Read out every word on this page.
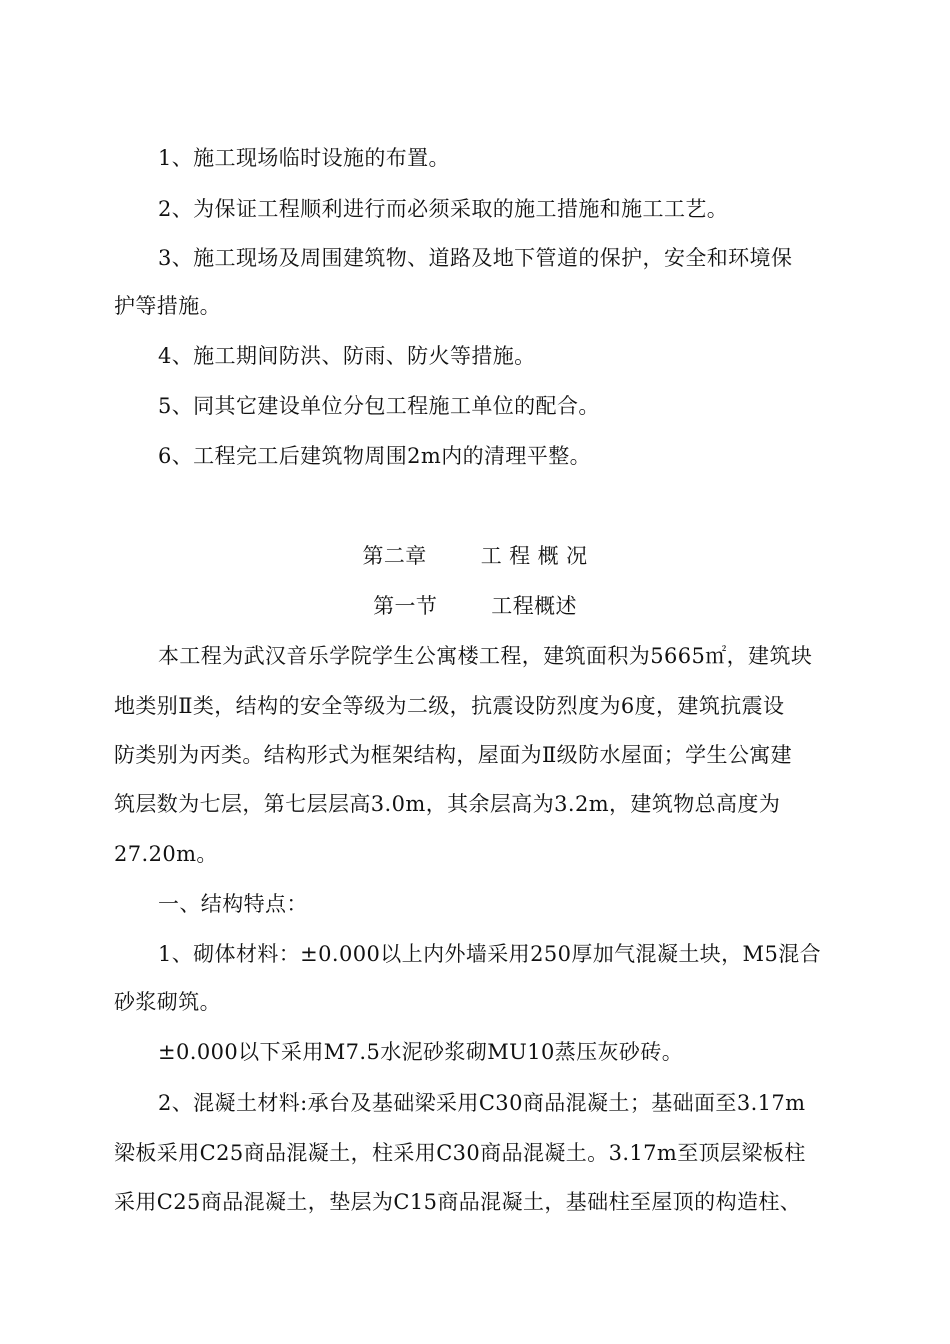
1、施工现场临时设施的布置。
2、为保证工程顺利进行而必须采取的施工措施和施工工艺。
3、施工现场及周围建筑物、道路及地下管道的保护，安全和环境保
护等措施。
4、施工期间防洪、防雨、防火等措施。
5、同其它建设单位分包工程施工单位的配合。
6、工程完工后建筑物周围2m内的清理平整。
第二章	工 程 概 况
第一节	工程概述
本工程为武汉音乐学院学生公寓楼工程，建筑面积为5665㎡，建筑块
地类别Ⅱ类，结构的安全等级为二级，抗震设防烈度为6度，建筑抗震设
防类别为丙类。结构形式为框架结构，屋面为Ⅱ级防水屋面；学生公寓建
筑层数为七层，第七层层高3.0m，其余层高为3.2m，建筑物总高度为
27.20m。
一、结构特点：
1、砌体材料：±0.000以上内外墙采用250厚加气混凝土块，M5混合
砂浆砌筑。
±0.000以下采用M7.5水泥砂浆砌MU10蒸压灰砂砖。
2、混凝土材料:承台及基础梁采用C30商品混凝土；基础面至3.17m
梁板采用C25商品混凝土，柱采用C30商品混凝土。3.17m至顶层梁板柱
采用C25商品混凝土，垫层为C15商品混凝土，基础柱至屋顶的构造柱、
